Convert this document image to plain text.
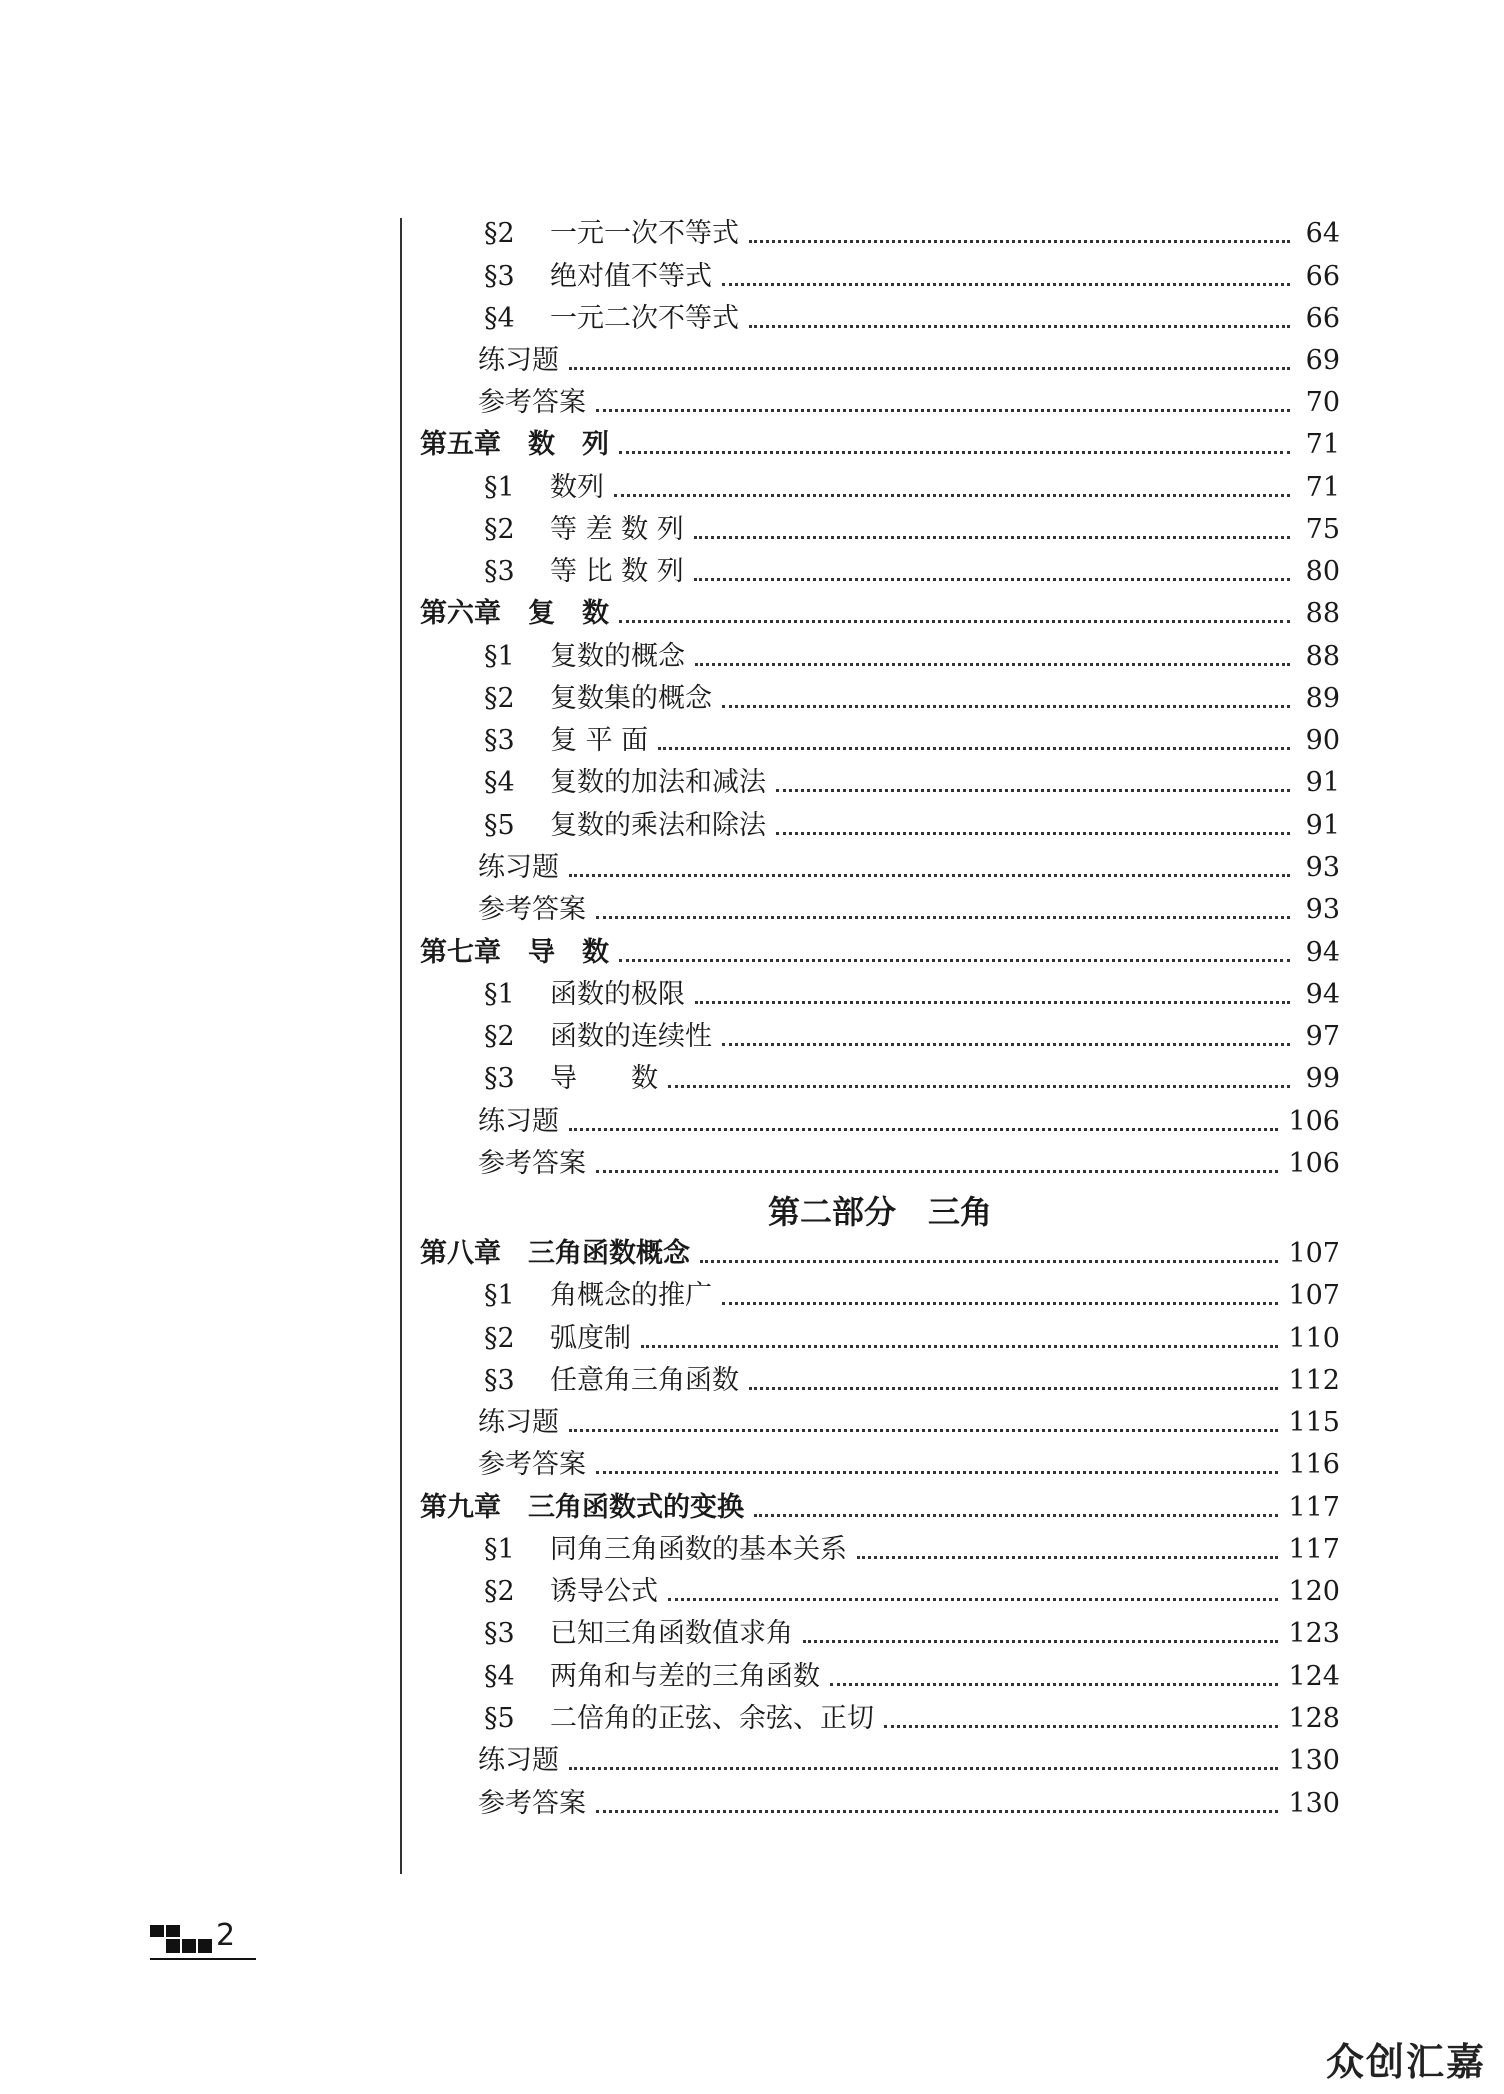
§2	一元一次不等式	64
§3	绝对值不等式	66
§4	一元二次不等式	66
练习题	69
参考答案	70
第五章　数　列	71
§1	数列	71
§2	等 差 数 列	75
§3	等 比 数 列	80
第六章　复　数	88
§1	复数的概念	88
§2	复数集的概念	89
§3	复 平 面	90
§4	复数的加法和减法	91
§5	复数的乘法和除法	91
练习题	93
参考答案	93
第七章　导　数	94
§1	函数的极限	94
§2	函数的连续性	97
§3	导　　数	99
练习题	106
参考答案	106
第二部分　三角
第八章　三角函数概念	107
§1	角概念的推广	107
§2	弧度制	110
§3	任意角三角函数	112
练习题	115
参考答案	116
第九章　三角函数式的变换	117
§1	同角三角函数的基本关系	117
§2	诱导公式	120
§3	已知三角函数值求角	123
§4	两角和与差的三角函数	124
§5	二倍角的正弦、余弦、正切	128
练习题	130
参考答案	130
2
众创汇嘉
